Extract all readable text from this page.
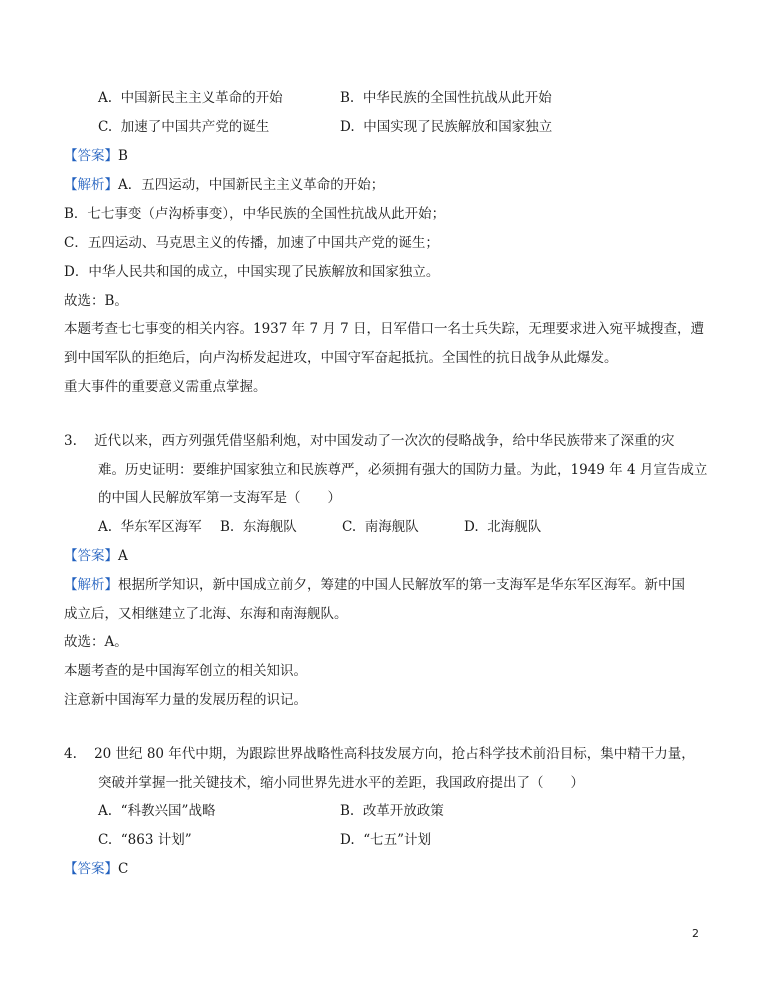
A. 中国新民主主义革命的开始	B. 中华民族的全国性抗战从此开始
C. 加速了中国共产党的诞生	D. 中国实现了民族解放和国家独立
【答案】B
【解析】A．五四运动，中国新民主主义革命的开始；
B．七七事变（卢沟桥事变），中华民族的全国性抗战从此开始；
C．五四运动、马克思主义的传播，加速了中国共产党的诞生；
D．中华人民共和国的成立，中国实现了民族解放和国家独立。
故选：B。
本题考查七七事变的相关内容。1937 年 7 月 7 日，日军借口一名士兵失踪，无理要求进入宛平城搜查，遭
到中国军队的拒绝后，向卢沟桥发起进攻，中国守军奋起抵抗。全国性的抗日战争从此爆发。
重大事件的重要意义需重点掌握。
3. 近代以来，西方列强凭借坚船利炮，对中国发动了一次次的侵略战争，给中华民族带来了深重的灾
难。历史证明：要维护国家独立和民族尊严，必须拥有强大的国防力量。为此，1949 年 4 月宣告成立
的中国人民解放军第一支海军是（　　）
A. 华东军区海军 B. 东海舰队	C. 南海舰队	D. 北海舰队
【答案】A
【解析】根据所学知识，新中国成立前夕，筹建的中国人民解放军的第一支海军是华东军区海军。新中国
成立后，又相继建立了北海、东海和南海舰队。
故选：A。
本题考查的是中国海军创立的相关知识。
注意新中国海军力量的发展历程的识记。
4. 20 世纪 80 年代中期，为跟踪世界战略性高科技发展方向，抢占科学技术前沿目标，集中精干力量，
突破并掌握一批关键技术，缩小同世界先进水平的差距，我国政府提出了（　　）
A. “科教兴国”战略	B. 改革开放政策
C. “863 计划”	D. “七五”计划
【答案】C
2
